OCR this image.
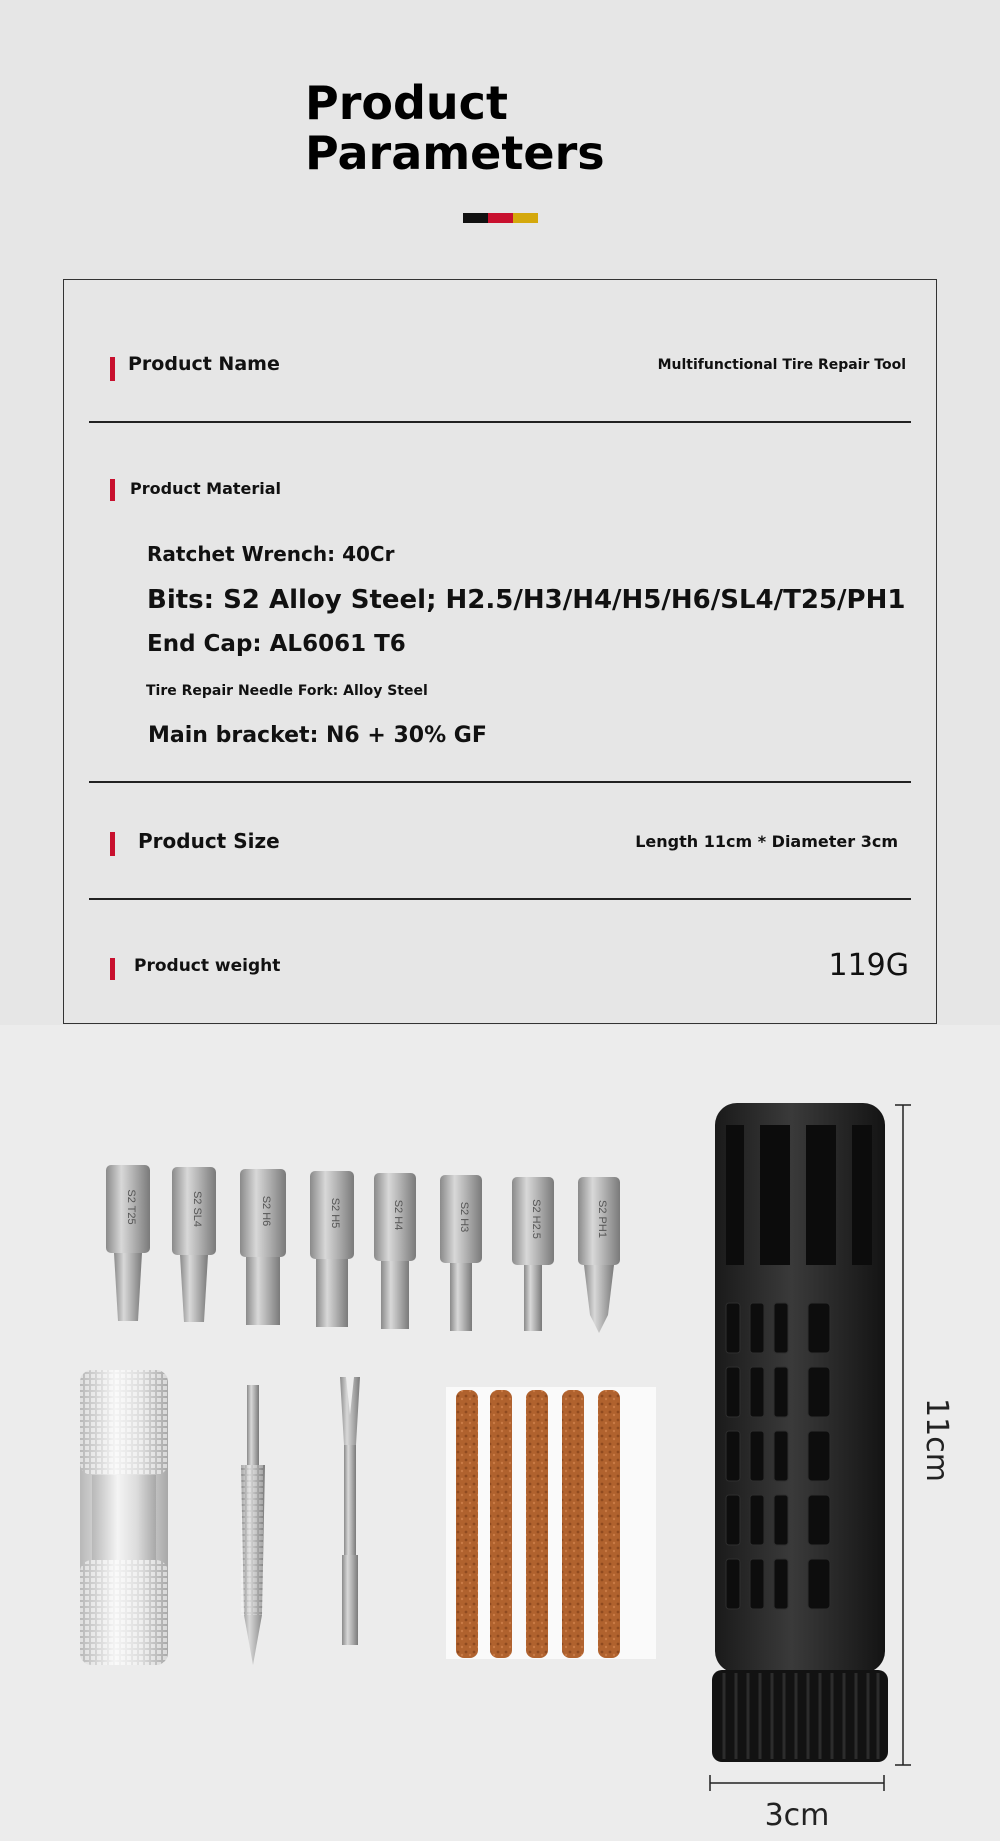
Product
Parameters
Product Name	Multifunctional Tire Repair Tool
Product Material
Ratchet Wrench: 40Cr
Bits: S2 Alloy Steel; H2.5/H3/H4/H5/H6/SL4/T25/PH1
End Cap: AL6061 T6
Tire Repair Needle Fork: Alloy Steel
Main bracket: N6 + 30% GF
Product Size	Length 11cm * Diameter 3cm
Product weight	119G
S2 T25	S2 SL4	S2 H6	S2 H5	S2 H4	S2 H3	S2 H2.5	S2 PH1
11cm
3cm
